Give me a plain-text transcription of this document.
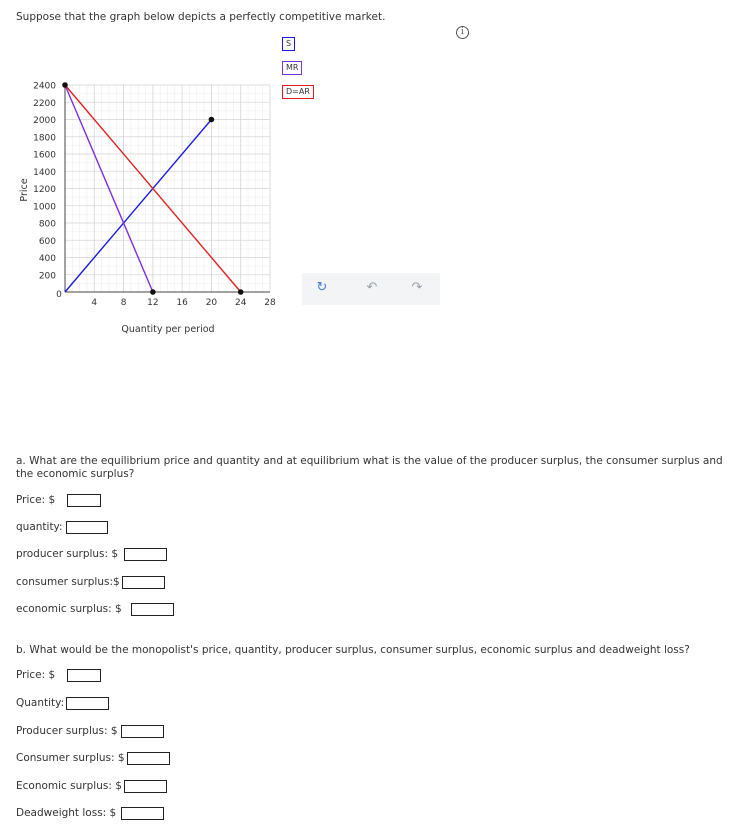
Suppose that the graph below depicts a perfectly competitive market.
i
S
MR
D=AR
4	8 12 16 20 24 28
200
400
600
800
1000
1200
1400
1600
1800
2000
2200
2400
Price
Quantity per period
0	↻	↶	↷
a. What are the equilibrium price and quantity and at equilibrium what is the value of the producer surplus, the consumer surplus and the economic surplus?
Price: $
quantity:
producer surplus: $
consumer surplus:$
economic surplus: $
b. What would be the monopolist's price, quantity, producer surplus, consumer surplus, economic surplus and deadweight loss?
Price: $
Quantity:
Producer surplus: $
Consumer surplus: $
Economic surplus: $
Deadweight loss: $
